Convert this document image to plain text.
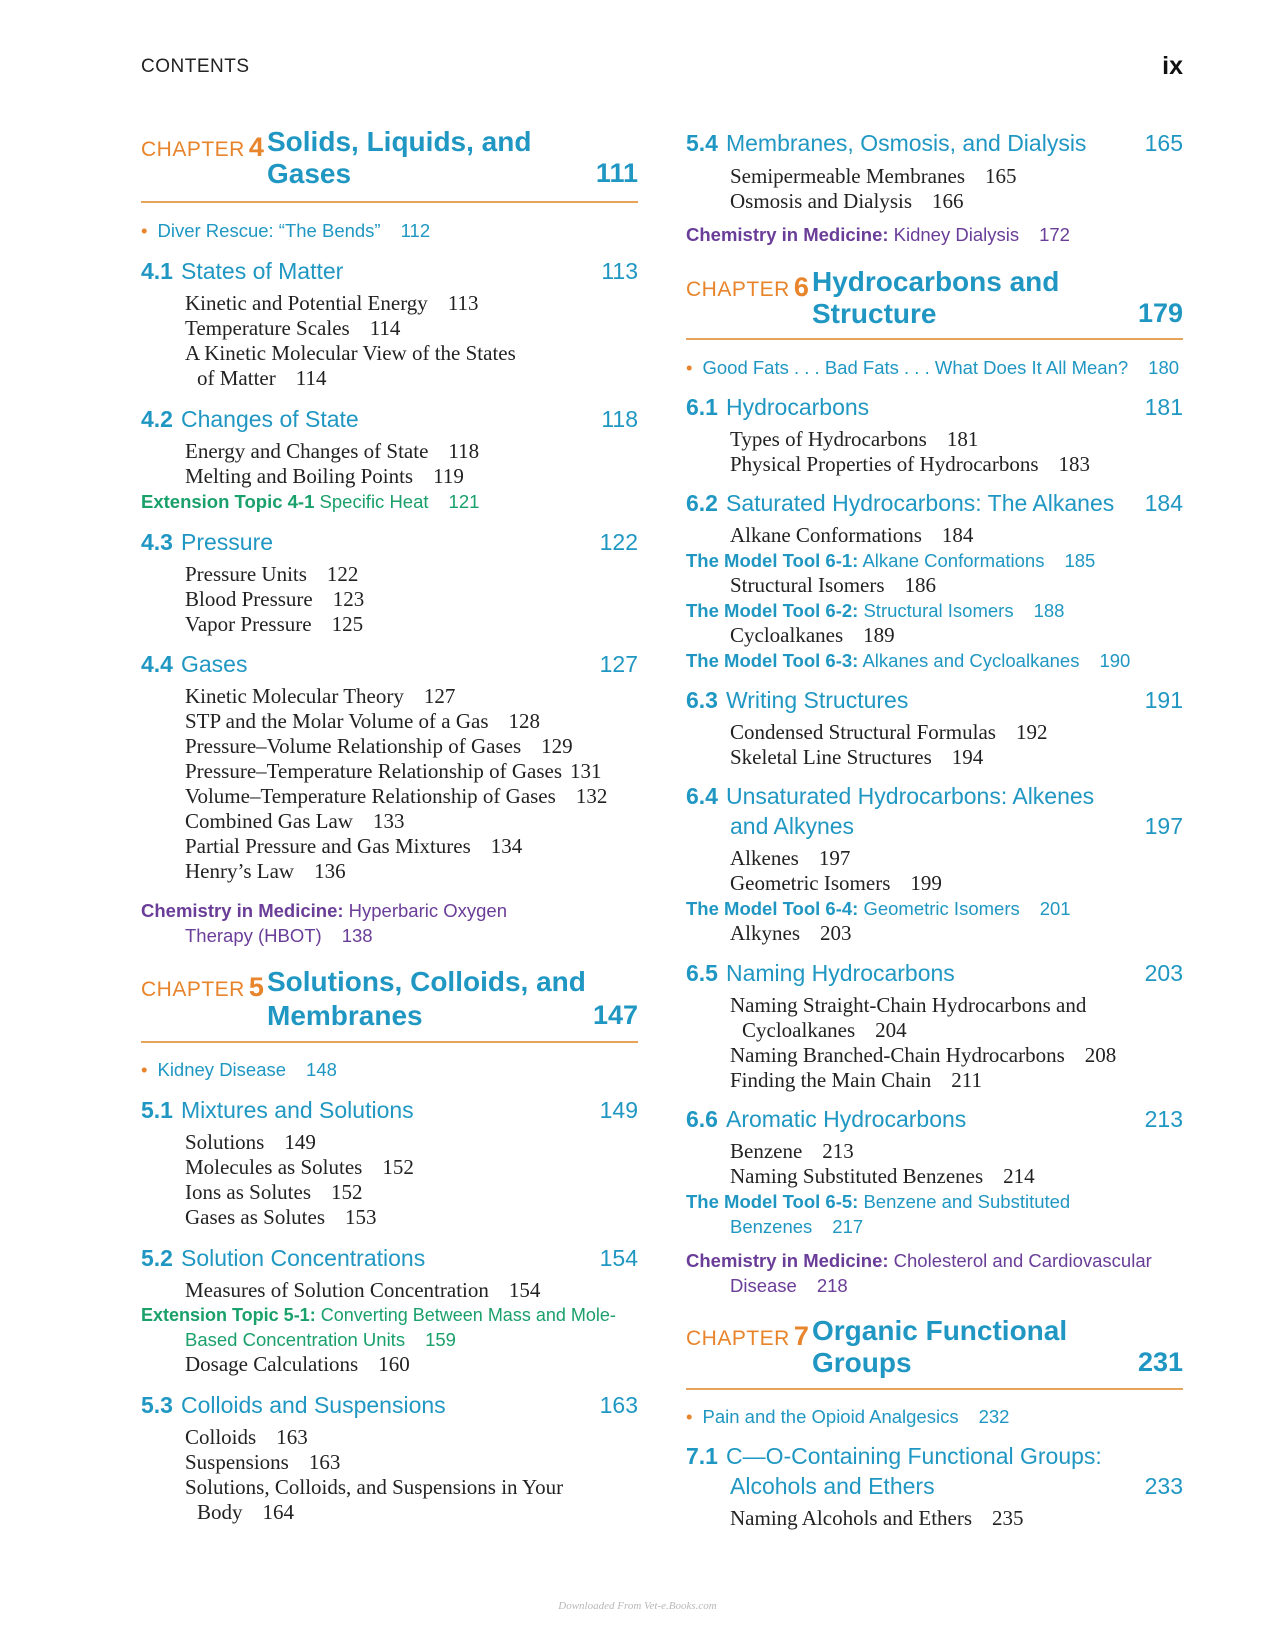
CONTENTS	ix
CHAPTER 4 Solids, Liquids, and
Gases	111
• Diver Rescue: “The Bends” 112
4.1 States of Matter	113
Kinetic and Potential Energy 113
Temperature Scales 114
A Kinetic Molecular View of the States
of Matter 114
4.2 Changes of State	118
Energy and Changes of State 118
Melting and Boiling Points 119
Extension Topic 4-1 Specific Heat 121
4.3 Pressure	122
Pressure Units 122
Blood Pressure 123
Vapor Pressure 125
4.4 Gases	127
Kinetic Molecular Theory 127
STP and the Molar Volume of a Gas 128
Pressure–Volume Relationship of Gases 129
Pressure–Temperature Relationship of Gases 131
Volume–Temperature Relationship of Gases 132
Combined Gas Law 133
Partial Pressure and Gas Mixtures 134
Henry’s Law 136
Chemistry in Medicine: Hyperbaric Oxygen
Therapy (HBOT) 138
CHAPTER 5 Solutions, Colloids, and
Membranes	147
• Kidney Disease 148
5.1 Mixtures and Solutions	149
Solutions 149
Molecules as Solutes 152
Ions as Solutes 152
Gases as Solutes 153
5.2 Solution Concentrations	154
Measures of Solution Concentration 154
Extension Topic 5-1: Converting Between Mass and Mole-
Based Concentration Units 159
Dosage Calculations 160
5.3 Colloids and Suspensions	163
Colloids 163
Suspensions 163
Solutions, Colloids, and Suspensions in Your
Body 164
5.4 Membranes, Osmosis, and Dialysis	165
Semipermeable Membranes 165
Osmosis and Dialysis 166
Chemistry in Medicine: Kidney Dialysis 172
CHAPTER 6 Hydrocarbons and
Structure	179
• Good Fats . . . Bad Fats . . . What Does It All Mean? 180
6.1 Hydrocarbons	181
Types of Hydrocarbons 181
Physical Properties of Hydrocarbons 183
6.2 Saturated Hydrocarbons: The Alkanes 184
Alkane Conformations 184
The Model Tool 6-1: Alkane Conformations 185
Structural Isomers 186
The Model Tool 6-2: Structural Isomers 188
Cycloalkanes 189
The Model Tool 6-3: Alkanes and Cycloalkanes 190
6.3 Writing Structures	191
Condensed Structural Formulas 192
Skeletal Line Structures 194
6.4 Unsaturated Hydrocarbons: Alkenes
and Alkynes	197
Alkenes 197
Geometric Isomers 199
The Model Tool 6-4: Geometric Isomers 201
Alkynes 203
6.5 Naming Hydrocarbons	203
Naming Straight-Chain Hydrocarbons and
Cycloalkanes 204
Naming Branched-Chain Hydrocarbons 208
Finding the Main Chain 211
6.6 Aromatic Hydrocarbons	213
Benzene 213
Naming Substituted Benzenes 214
The Model Tool 6-5: Benzene and Substituted
Benzenes 217
Chemistry in Medicine: Cholesterol and Cardiovascular
Disease 218
CHAPTER 7 Organic Functional
Groups	231
• Pain and the Opioid Analgesics 232
7.1 C—O-Containing Functional Groups:
Alcohols and Ethers	233
Naming Alcohols and Ethers 235
Downloaded From Vet-e.Books.com
